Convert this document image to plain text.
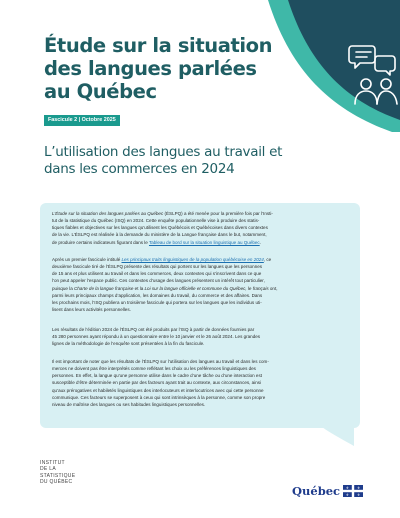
Étude sur la situation
des langues parlées
au Québec
Fascicule 2 | Octobre 2025
L’utilisation des langues au travail et
dans les commerces en 2024

L’Étude sur la situation des langues parlées au Québec (ÉSLPQ) a été menée pour la première fois par l’Insti-
tut de la statistique du Québec (ISQ) en 2024. Cette enquête populationnelle vise à produire des statis-
tiques fiables et objectives sur les langues qu’utilisent les Québécois et Québécoises dans divers contextes
de la vie. L’ÉSLPQ est réalisée à la demande du ministère de la Langue française dans le but, notamment,
de produire certains indicateurs figurant dans le Tableau de bord sur la situation linguistique au Québec.

Après un premier fascicule intitulé Les principaux traits linguistiques de la population québécoise en 2024, ce
deuxième fascicule tiré de l’ÉSLPQ présente des résultats qui portent sur les langues que les personnes
de 15 ans et plus utilisent au travail et dans les commerces, deux contextes qui s’inscrivent dans ce que
l’on peut appeler l’espace public. Ces contextes d’usage des langues présentent un intérêt tout particulier,
puisque la Charte de la langue française et la Loi sur la langue officielle et commune du Québec, le français ont,
parmi leurs principaux champs d’application, les domaines du travail, du commerce et des affaires. Dans
les prochains mois, l’ISQ publiera un troisième fascicule qui portera sur les langues que les individus uti-
lisent dans leurs activités personnelles.

Les résultats de l’édition 2024 de l’ÉSLPQ ont été produits par l’ISQ à partir de données fournies par
45 280 personnes ayant répondu à un questionnaire entre le 10 janvier et le 26 août 2024. Les grandes
lignes de la méthodologie de l’enquête sont présentées à la fin du fascicule.

Il est important de noter que les résultats de l’ÉSLPQ sur l’utilisation des langues au travail et dans les com-
merces ne doivent pas être interprétés comme reflétant les choix ou les préférences linguistiques des
personnes. En effet, la langue qu’une personne utilise dans le cadre d’une tâche ou d’une interaction est
susceptible d’être déterminée en partie par des facteurs ayant trait au contexte, aux circonstances, ainsi
qu’aux prérogatives et habiletés linguistiques des interlocuteurs et interlocutrices avec qui cette personne
communique. Ces facteurs se superposent à ceux qui sont intrinsèques à la personne, comme son propre
niveau de maîtrise des langues ou ses habitudes linguistiques personnelles.

INSTITUT
DE LA
STATISTIQUE
DU QUÉBEC
Québec ⚜ ⚜
⚜ ⚜
